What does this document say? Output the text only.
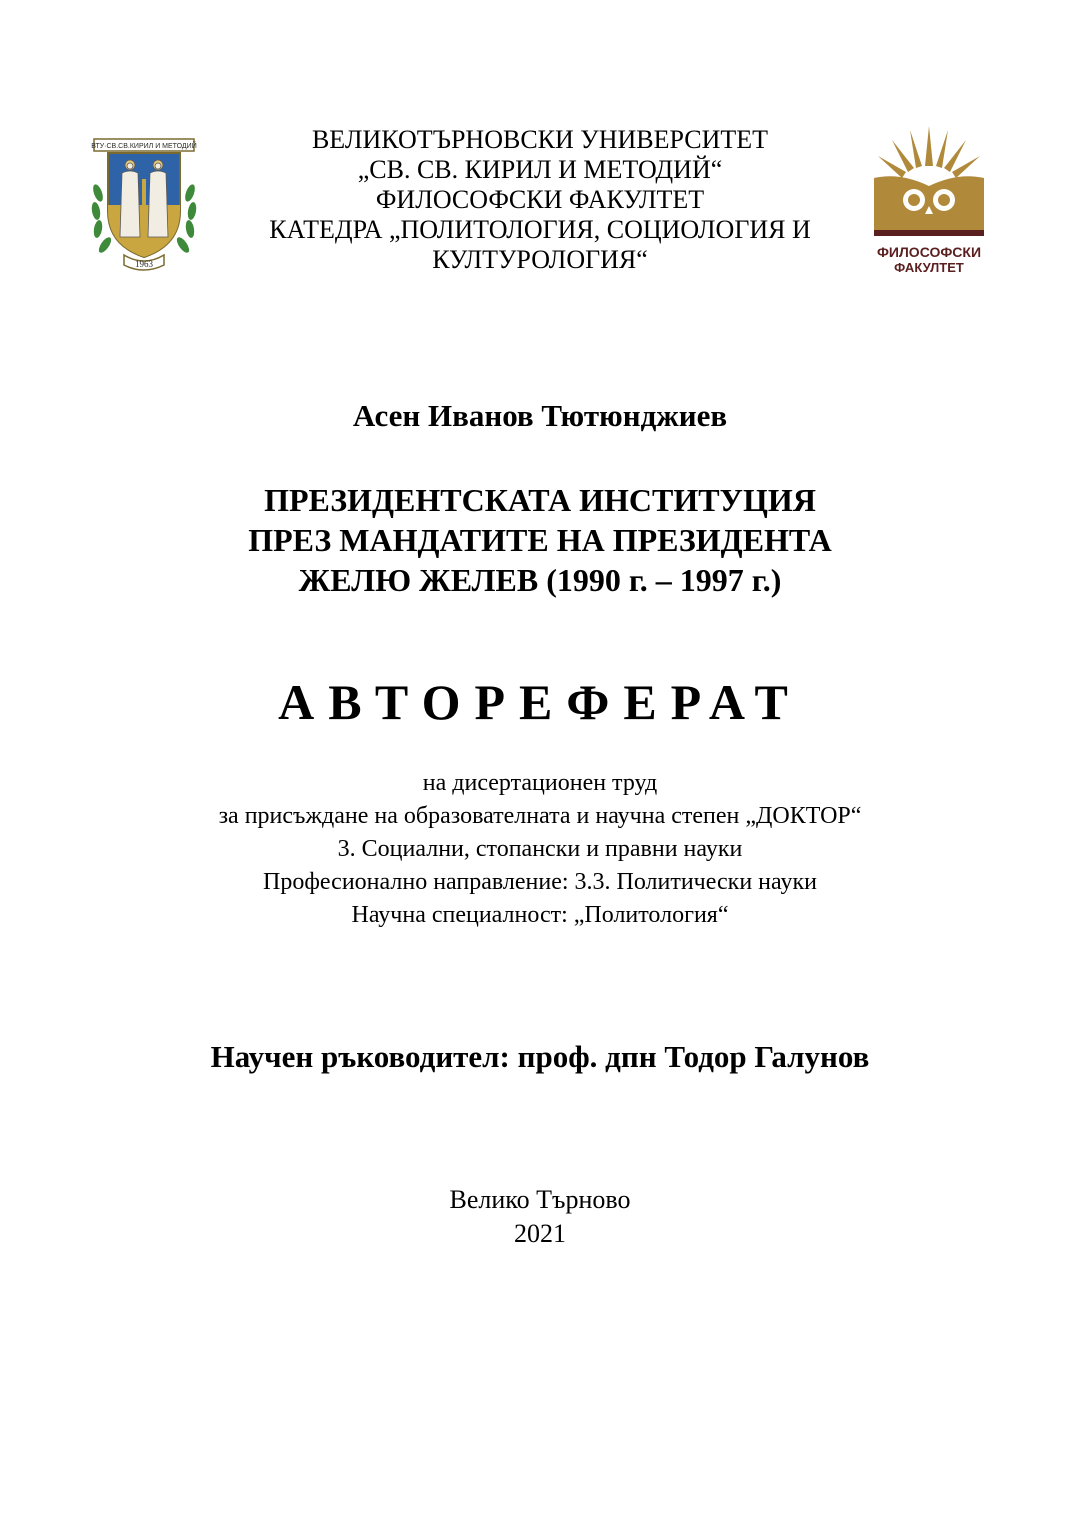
ВТУ·СВ.СВ.КИРИЛ И МЕТОДИЙ
1963
ВЕЛИКОТЪРНОВСКИ УНИВЕРСИТЕТ
„СВ. СВ. КИРИЛ И МЕТОДИЙ“
ФИЛОСОФСКИ ФАКУЛТЕТ
КАТЕДРА „ПОЛИТОЛОГИЯ, СОЦИОЛОГИЯ И
КУЛТУРОЛОГИЯ“	ФИЛОСОФСКИ
ФАКУЛТЕТ
Асен Иванов Тютюнджиев
ПРЕЗИДЕНТСКАТА ИНСТИТУЦИЯ
ПРЕЗ МАНДАТИТЕ НА ПРЕЗИДЕНТА
ЖЕЛЮ ЖЕЛЕВ (1990 г. – 1997 г.)
АВТОРЕФЕРАТ
на дисертационен труд
за присъждане на образователната и научна степен „ДОКТОР“
3. Социални, стопански и правни науки
Професионално направление: 3.3. Политически науки
Научна специалност: „Политология“
Научен ръководител: проф. дпн Тодор Галунов
Велико Търново
2021
